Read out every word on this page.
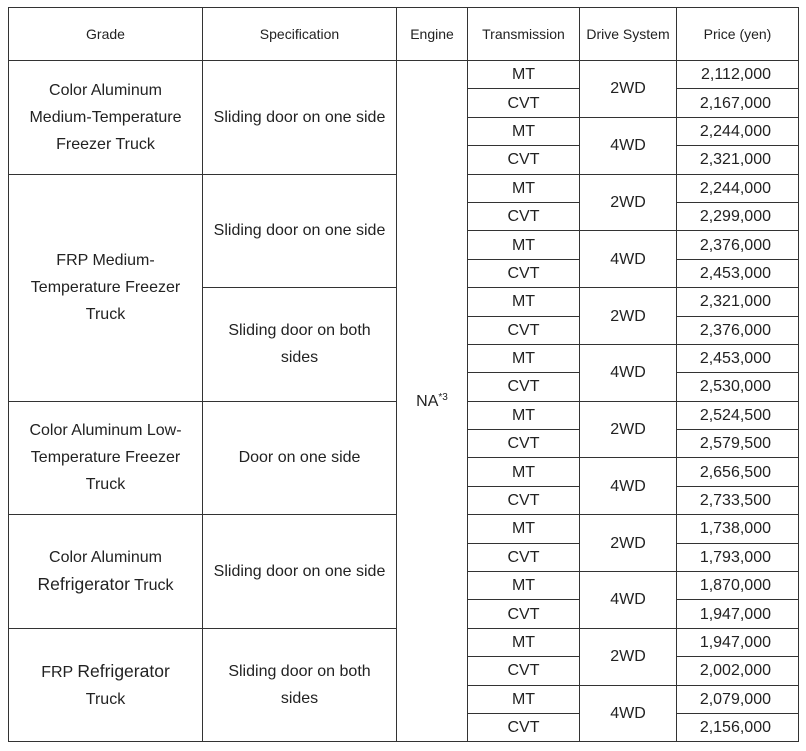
Grade	Specification	Engine	Transmission	Drive System	Price (yen)
Color Aluminum Medium-Temperature Freezer Truck	Sliding door on one side	NA$^{*3}$	MT	2WD	2,112,000
			CVT		2,167,000
			MT	4WD	2,244,000
			CVT		2,321,000
FRP Medium-Temperature Freezer Truck	Sliding door on one side		MT	2WD	2,244,000
			CVT		2,299,000
			MT	4WD	2,376,000
			CVT		2,453,000
	Sliding door on both sides		MT	2WD	2,321,000
			CVT		2,376,000
			MT	4WD	2,453,000
			CVT		2,530,000
Color Aluminum Low-Temperature Freezer Truck	Door on one side		MT	2WD	2,524,500
			CVT		2,579,500
			MT	4WD	2,656,500
			CVT		2,733,500
Color Aluminum
Refrigerator Truck	Sliding door on one side		MT	2WD	1,738,000
			CVT		1,793,000
			MT	4WD	1,870,000
			CVT		1,947,000
FRP Refrigerator
Truck	Sliding door on both sides		MT	2WD	1,947,000
			CVT		2,002,000
			MT	4WD	2,079,000
			CVT		2,156,000
